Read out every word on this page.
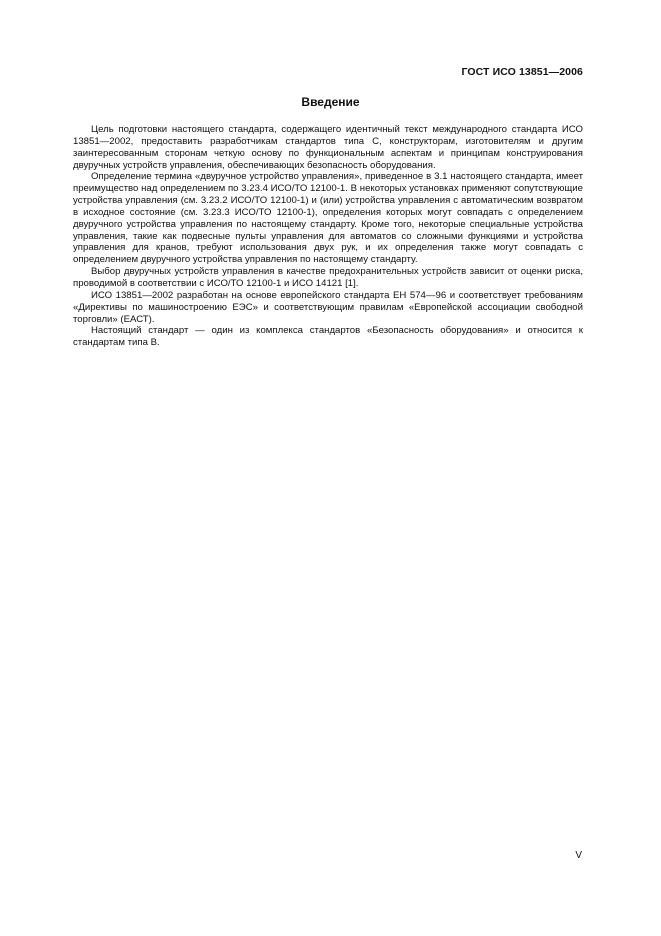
ГОСТ ИСО 13851—2006
Введение

Цель подготовки настоящего стандарта, содержащего идентичный текст международного стандарта ИСО 13851—2002, предоставить разработчикам стандартов типа С, конструкторам, изготовителям и другим заинтересованным сторонам четкую основу по функциональным аспектам и принципам конструирования двуручных устройств управления, обеспечивающих безопасность оборудования.

Определение термина «двуручное устройство управления», приведенное в 3.1 настоящего стандарта, имеет преимущество над определением по 3.23.4 ИСО/ТО 12100-1. В некоторых установках применяют сопутствующие устройства управления (см. 3.23.2 ИСО/ТО 12100-1) и (или) устройства управления с автоматическим возвратом в исходное состояние (см. 3.23.3 ИСО/ТО 12100-1), определения которых могут совпадать с определением двуручного устройства управления по настоящему стандарту. Кроме того, некоторые специальные устройства управления, такие как подвесные пульты управления для автоматов со сложными функциями и устройства управления для кранов, требуют использования двух рук, и их определения также могут совпадать с определением двуручного устройства управления по настоящему стандарту.

Выбор двуручных устройств управления в качестве предохранительных устройств зависит от оценки риска, проводимой в соответствии с ИСО/ТО 12100-1 и ИСО 14121 [1].

ИСО 13851—2002 разработан на основе европейского стандарта ЕН 574—96 и соответствует требованиям «Директивы по машиностроению ЕЭС» и соответствующим правилам «Европейской ассоциации свободной торговли» (ЕАСТ).

Настоящий стандарт — один из комплекса стандартов «Безопасность оборудования» и относится к стандартам типа В.

V
